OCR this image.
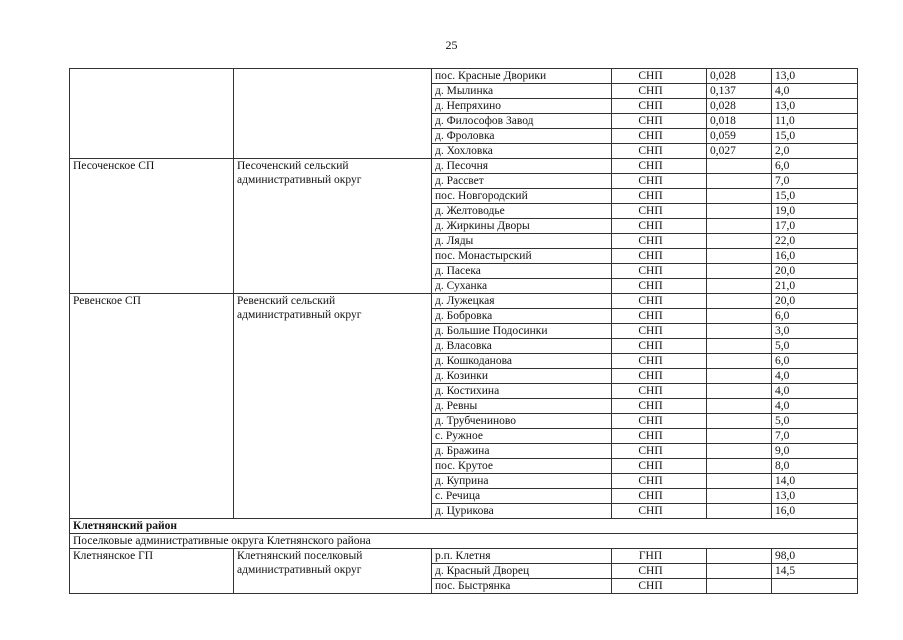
25
		пос. Красные Дворики	СНП	0,028	13,0
		д. Мылинка	СНП	0,137	4,0
		д. Непряхино	СНП	0,028	13,0
		д. Философов Завод	СНП	0,018	11,0
		д. Фроловка	СНП	0,059	15,0
		д. Хохловка	СНП	0,027	2,0
Песоченское СП	Песоченский сельский административный округ	д. Песочня	СНП		6,0
		д. Рассвет	СНП		7,0
		пос. Новгородский	СНП		15,0
		д. Желтоводье	СНП		19,0
		д. Жиркины Дворы	СНП		17,0
		д. Ляды	СНП		22,0
		пос. Монастырский	СНП		16,0
		д. Пасека	СНП		20,0
		д. Суханка	СНП		21,0
Ревенское СП	Ревенский сельский административный округ	д. Лужецкая	СНП		20,0
		д. Бобровка	СНП		6,0
		д. Большие Подосинки	СНП		3,0
		д. Власовка	СНП		5,0
		д. Кошкоданова	СНП		6,0
		д. Козинки	СНП		4,0
		д. Костихина	СНП		4,0
		д. Ревны	СНП		4,0
		д. Трубчениново	СНП		5,0
		с. Ружное	СНП		7,0
		д. Бражина	СНП		9,0
		пос. Крутое	СНП		8,0
		д. Куприна	СНП		14,0
		с. Речица	СНП		13,0
		д. Цурикова	СНП		16,0
Клетнянский район					
Поселковые административные округа Клетнянского района					
Клетнянское ГП	Клетнянский поселковый административный округ	р.п. Клетня	ГНП		98,0
		д. Красный Дворец	СНП		14,5
		пос. Быстрянка	СНП		
